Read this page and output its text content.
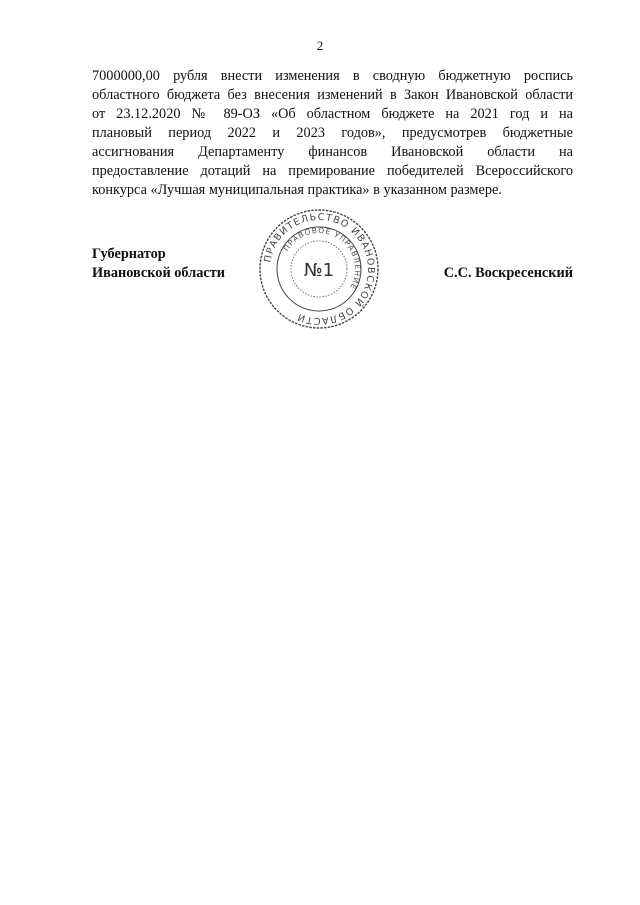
2
7000000,00 рубля внести изменения в сводную бюджетную роспись
областного бюджета без внесения изменений в Закон Ивановской области
от 23.12.2020 № 89-ОЗ «Об областном бюджете на 2021 год и на
плановый период 2022 и 2023 годов», предусмотрев бюджетные
ассигнования Департаменту финансов Ивановской области на
предоставление дотаций на премирование победителей Всероссийского
конкурса «Лучшая муниципальная практика» в указанном размере.
Губернатор
Ивановской области	С.С. Воскресенский
ПРАВИТЕЛЬСТВО ИВАНОВСКОЙ ОБЛАСТИ
ПРАВОВОЕ УПРАВЛЕНИЕ
№1
